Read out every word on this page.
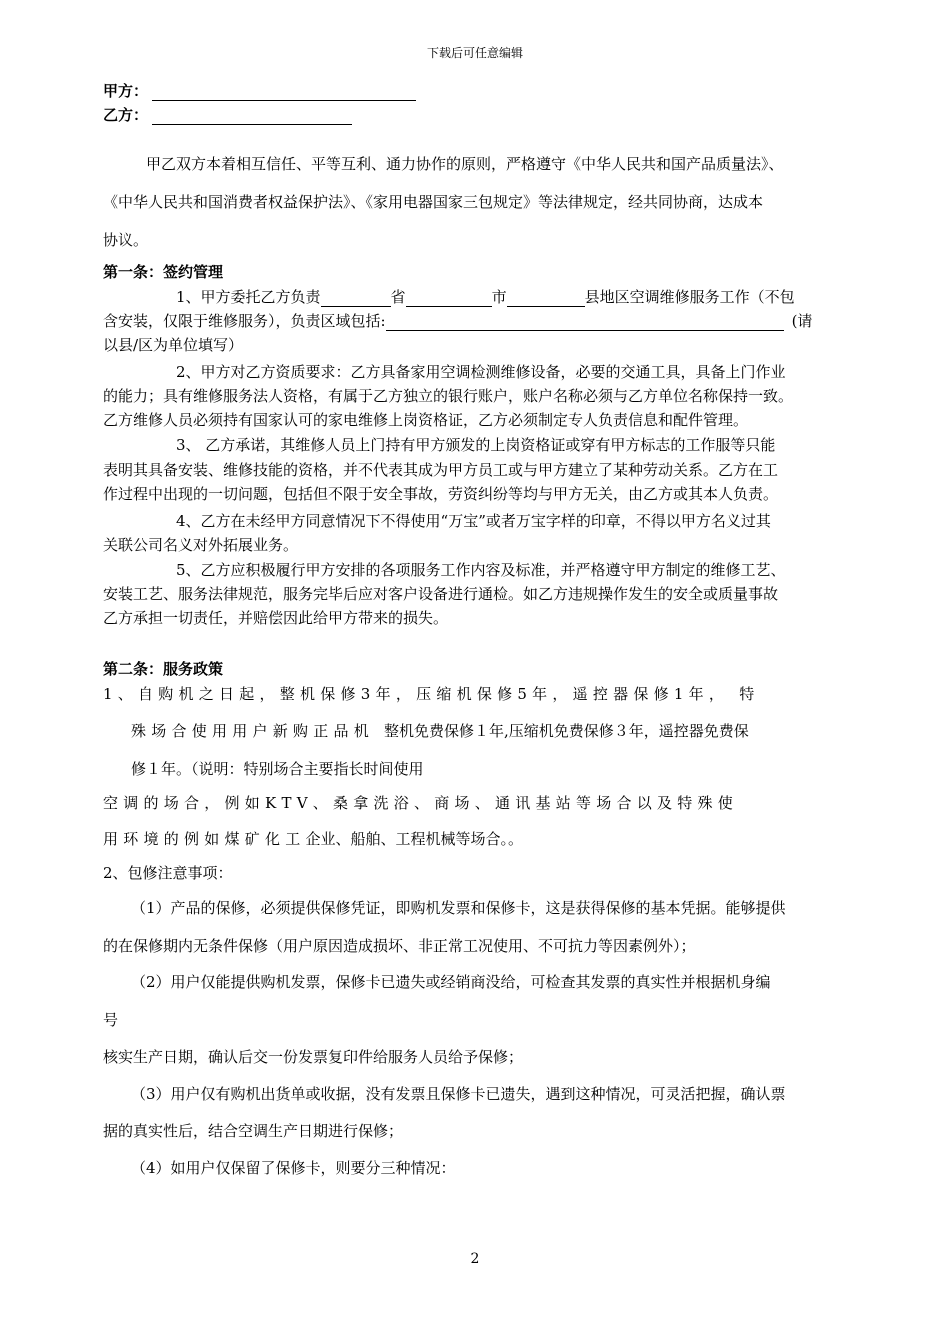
下载后可任意编辑
甲方：
乙方：
甲乙双方本着相互信任、平等互利、通力协作的原则，严格遵守《中华人民共和国产品质量法》、
《中华人民共和国消费者权益保护法》、《家用电器国家三包规定》等法律规定，经共同协商，达成本
协议。
第一条：签约管理
1、甲方委托乙方负责	省	市	县地区空调维修服务工作（不包
含安装，仅限于维修服务），负责区域包括:	(请
以县/区为单位填写）
2、甲方对乙方资质要求：乙方具备家用空调检测维修设备，必要的交通工具，具备上门作业
的能力；具有维修服务法人资格，有属于乙方独立的银行账户，账户名称必须与乙方单位名称保持一致。
乙方维修人员必须持有国家认可的家电维修上岗资格证，乙方必须制定专人负责信息和配件管理。
3、 乙方承诺，其维修人员上门持有甲方颁发的上岗资格证或穿有甲方标志的工作服等只能
表明其具备安装、维修技能的资格，并不代表其成为甲方员工或与甲方建立了某种劳动关系。乙方在工
作过程中出现的一切问题，包括但不限于安全事故，劳资纠纷等均与甲方无关，由乙方或其本人负责。
4、乙方在未经甲方同意情况下不得使用“万宝”或者万宝字样的印章，不得以甲方名义过其
关联公司名义对外拓展业务。
5、乙方应积极履行甲方安排的各项服务工作内容及标准，并严格遵守甲方制定的维修工艺、
安装工艺、服务法律规范，服务完毕后应对客户设备进行通检。如乙方违规操作发生的安全或质量事故
乙方承担一切责任，并赔偿因此给甲方带来的损失。
第二条：服务政策
1、自购机之日起，整机保修3年，压缩机保修5年，遥控器保修1年， 特
殊场合使用用户新购正品机 整机免费保修１年,压缩机免费保修３年，遥控器免费保
修１年。（说明：特别场合主要指长时间使用
空调的场合，例如KTV、桑拿洗浴、商场、通讯基站等场合以及特殊使
用环境的例如煤矿化工企业、船舶、工程机械等场合。。
2、包修注意事项：
（1）产品的保修，必须提供保修凭证，即购机发票和保修卡，这是获得保修的基本凭据。能够提供
的在保修期内无条件保修（用户原因造成损坏、非正常工况使用、不可抗力等因素例外）；
（2）用户仅能提供购机发票，保修卡已遗失或经销商没给，可检查其发票的真实性并根据机身编
号
核实生产日期，确认后交一份发票复印件给服务人员给予保修；
（3）用户仅有购机出货单或收据，没有发票且保修卡已遗失，遇到这种情况，可灵活把握，确认票
据的真实性后，结合空调生产日期进行保修；
（4）如用户仅保留了保修卡，则要分三种情况：
2
